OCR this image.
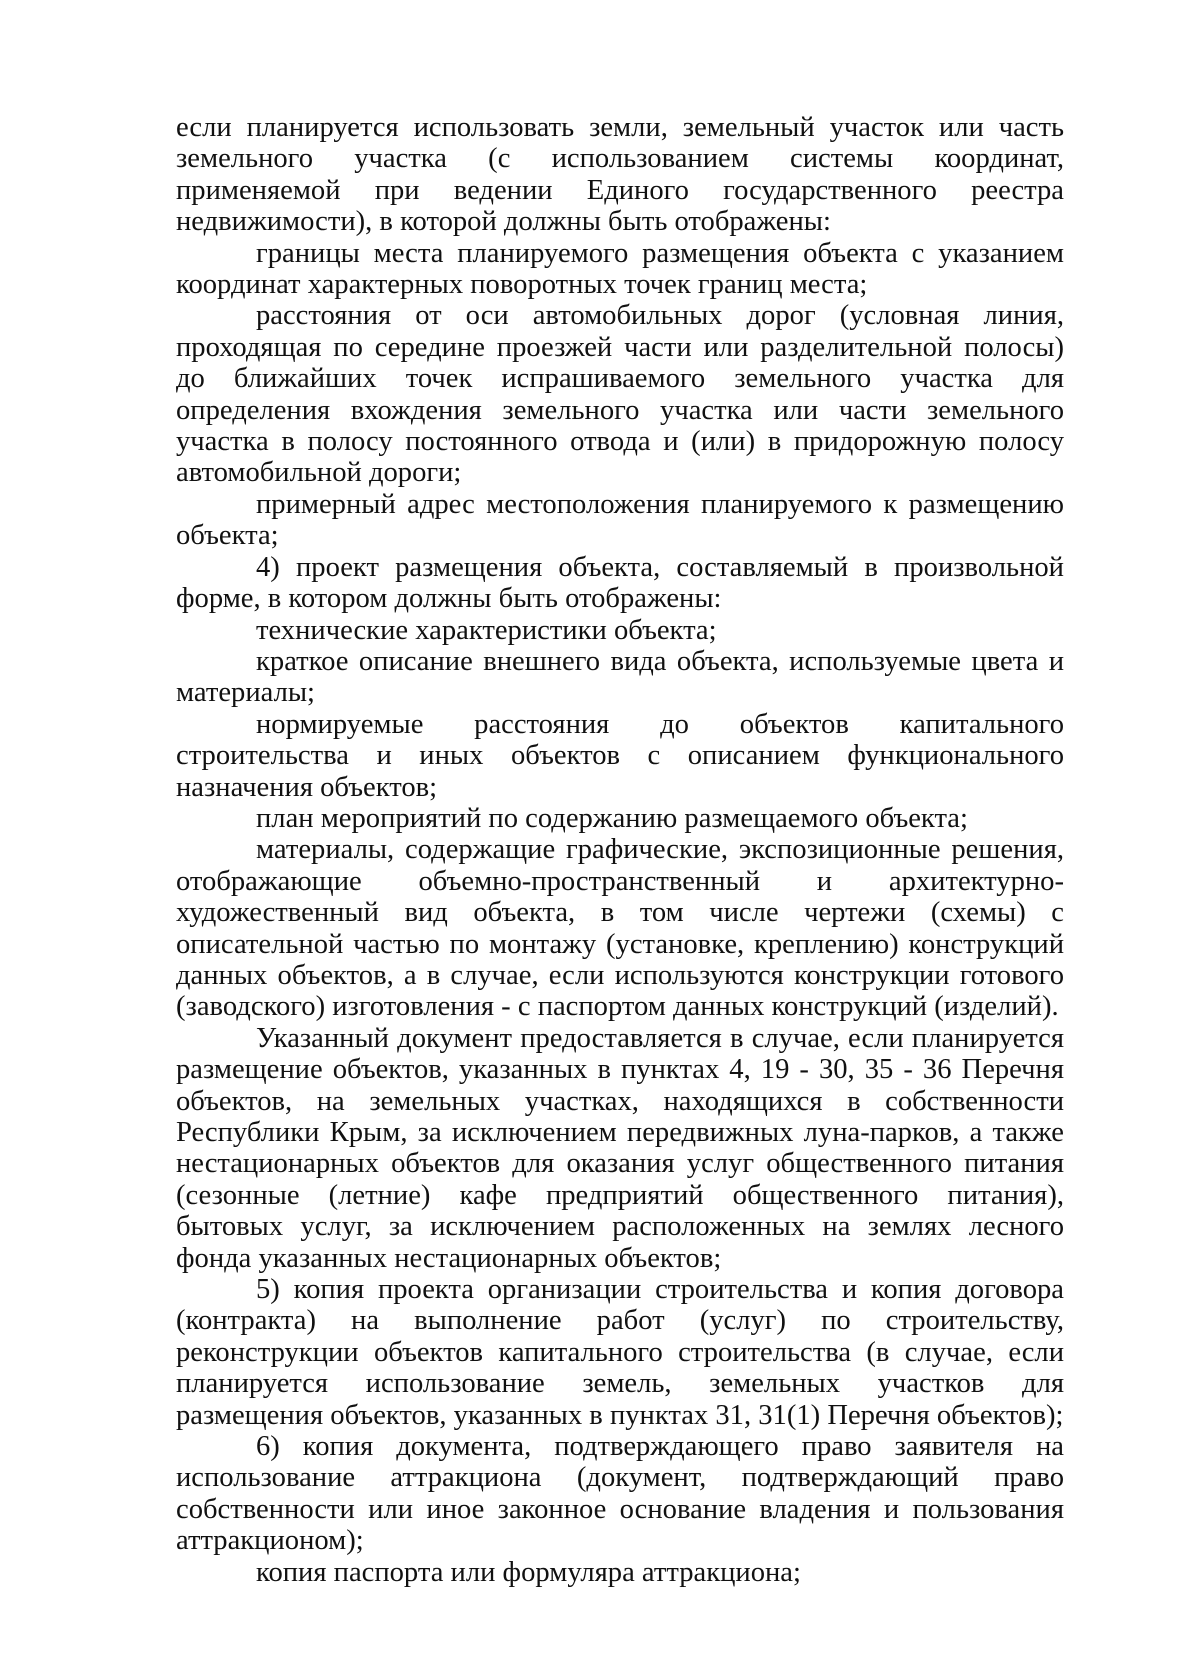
если планируется использовать земли, земельный участок или часть земельного участка (с использованием системы координат, применяемой при ведении Единого государственного реестра недвижимости), в которой должны быть отображены:

границы места планируемого размещения объекта с указанием координат характерных поворотных точек границ места;

расстояния от оси автомобильных дорог (условная линия, проходящая по середине проезжей части или разделительной полосы) до ближайших точек испрашиваемого земельного участка для определения вхождения земельного участка или части земельного участка в полосу постоянного отвода и (или) в придорожную полосу автомобильной дороги;

примерный адрес местоположения планируемого к размещению объекта;

4) проект размещения объекта, составляемый в произвольной форме, в котором должны быть отображены:

технические характеристики объекта;

краткое описание внешнего вида объекта, используемые цвета и материалы;

нормируемые расстояния до объектов капитального строительства и иных объектов с описанием функционального назначения объектов;

план мероприятий по содержанию размещаемого объекта;

материалы, содержащие графические, экспозиционные решения, отображающие объемно-пространственный и архитектурно-художественный вид объекта, в том числе чертежи (схемы) с описательной частью по монтажу (установке, креплению) конструкций данных объектов, а в случае, если используются конструкции готового (заводского) изготовления - с паспортом данных конструкций (изделий).

Указанный документ предоставляется в случае, если планируется размещение объектов, указанных в пунктах 4, 19 - 30, 35 - 36 Перечня объектов, на земельных участках, находящихся в собственности Республики Крым, за исключением передвижных луна-парков, а также нестационарных объектов для оказания услуг общественного питания (сезонные (летние) кафе предприятий общественного питания), бытовых услуг, за исключением расположенных на землях лесного фонда указанных нестационарных объектов;

5) копия проекта организации строительства и копия договора (контракта) на выполнение работ (услуг) по строительству, реконструкции объектов капитального строительства (в случае, если планируется использование земель, земельных участков для размещения объектов, указанных в пунктах 31, 31(1) Перечня объектов);

6) копия документа, подтверждающего право заявителя на использование аттракциона (документ, подтверждающий право собственности или иное законное основание владения и пользования аттракционом);

копия паспорта или формуляра аттракциона;
